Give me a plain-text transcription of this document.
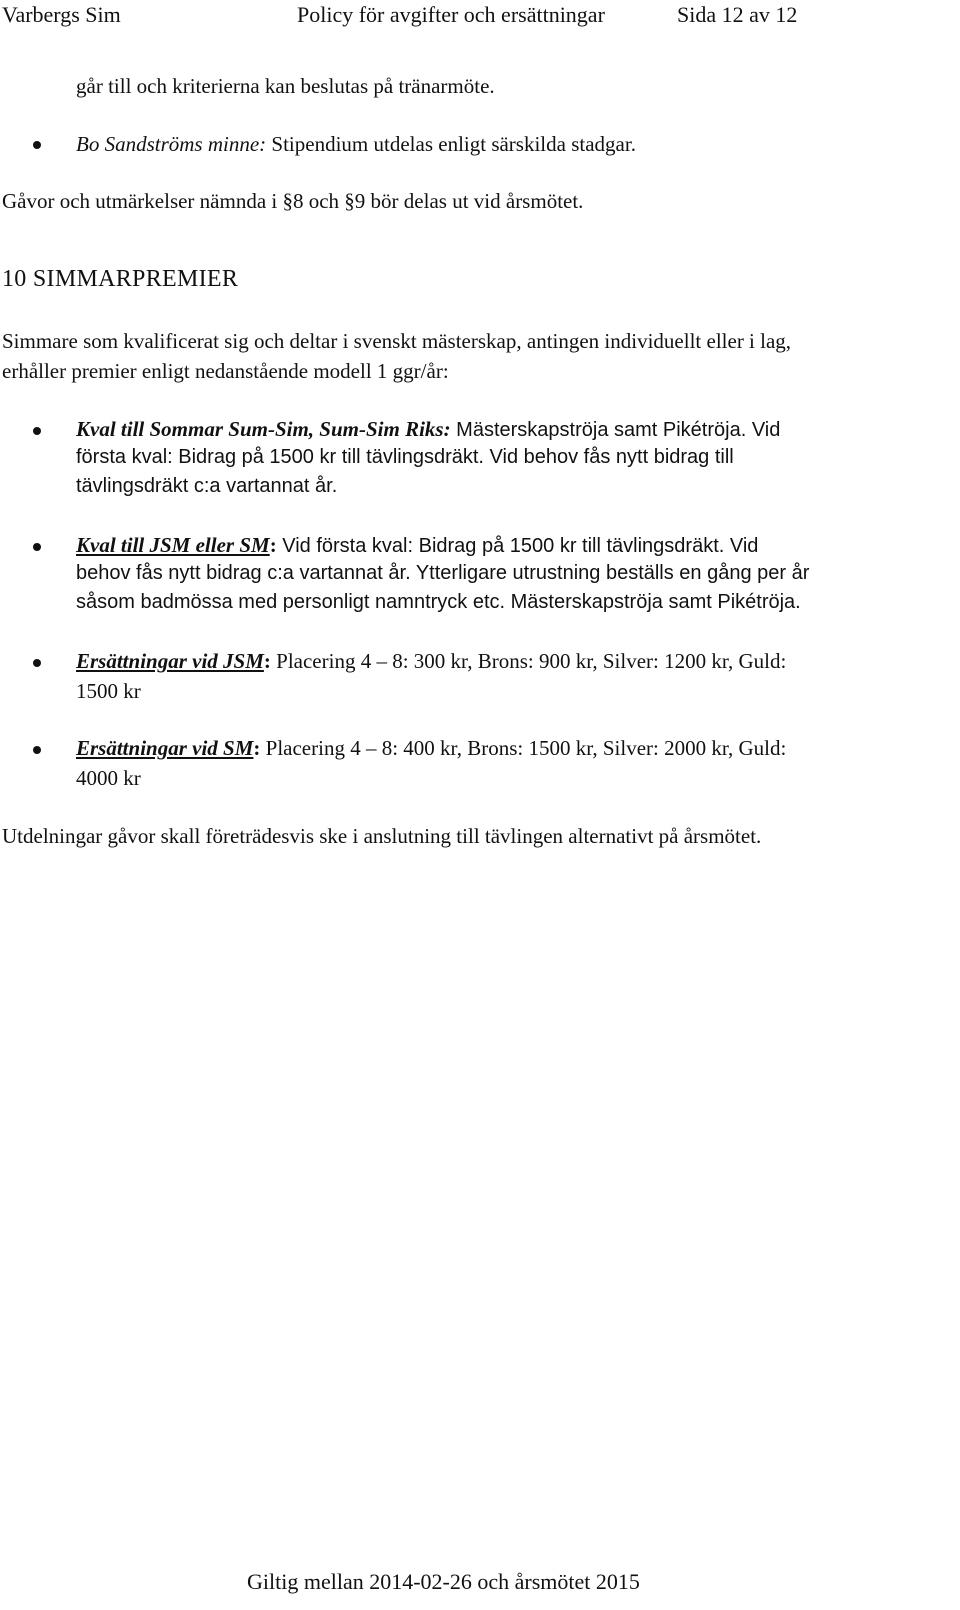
Varbergs Sim	Policy för avgifter och ersättningar	Sida 12 av 12
går till och kriterierna kan beslutas på tränarmöte.
Bo Sandströms minne: Stipendium utdelas enligt särskilda stadgar.
Gåvor och utmärkelser nämnda i §8 och §9 bör delas ut vid årsmötet.
10 SIMMARPREMIER
Simmare som kvalificerat sig och deltar i svenskt mästerskap, antingen individuellt eller i lag,
erhåller premier enligt nedanstående modell 1 ggr/år:
Kval till Sommar Sum-Sim, Sum-Sim Riks: Mästerskapströja samt Pikétröja. Vid
första kval: Bidrag på 1500 kr till tävlingsdräkt. Vid behov fås nytt bidrag till
tävlingsdräkt c:a vartannat år.
Kval till JSM eller SM: Vid första kval: Bidrag på 1500 kr till tävlingsdräkt. Vid
behov fås nytt bidrag c:a vartannat år. Ytterligare utrustning beställs en gång per år
såsom badmössa med personligt namntryck etc. Mästerskapströja samt Pikétröja.
Ersättningar vid JSM: Placering 4 – 8: 300 kr, Brons: 900 kr, Silver: 1200 kr, Guld:
1500 kr
Ersättningar vid SM: Placering 4 – 8: 400 kr, Brons: 1500 kr, Silver: 2000 kr, Guld:
4000 kr
Utdelningar gåvor skall företrädesvis ske i anslutning till tävlingen alternativt på årsmötet.
Giltig mellan 2014-02-26 och årsmötet 2015
